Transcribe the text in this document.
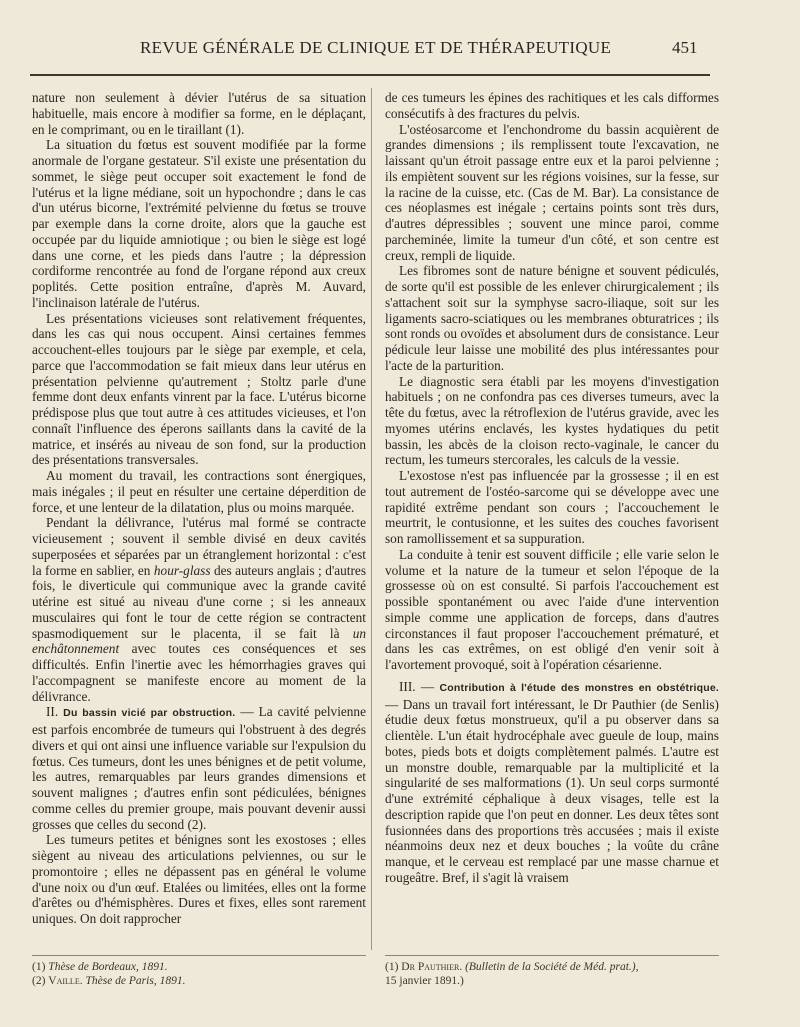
REVUE GÉNÉRALE DE CLINIQUE ET DE THÉRAPEUTIQUE	451

nature non seulement à dévier l'utérus de sa situation habituelle, mais encore à modifier sa forme, en le déplaçant, en le comprimant, ou en le tiraillant (1).

La situation du fœtus est souvent modifiée par la forme anormale de l'organe gestateur. S'il existe une présentation du sommet, le siège peut occuper soit exactement le fond de l'utérus et la ligne médiane, soit un hypochondre ; dans le cas d'un utérus bicorne, l'extrémité pelvienne du fœtus se trouve par exemple dans la corne droite, alors que la gauche est occupée par du liquide amniotique ; ou bien le siège est logé dans une corne, et les pieds dans l'autre ; la dépression cordiforme rencontrée au fond de l'organe répond aux creux poplités. Cette position entraîne, d'après M. Auvard, l'inclinaison latérale de l'utérus.

Les présentations vicieuses sont relativement fréquentes, dans les cas qui nous occupent. Ainsi certaines femmes accouchent-elles toujours par le siège par exemple, et cela, parce que l'accommodation se fait mieux dans leur utérus en présentation pelvienne qu'autrement ; Stoltz parle d'une femme dont deux enfants vinrent par la face. L'utérus bicorne prédispose plus que tout autre à ces attitudes vicieuses, et l'on connaît l'influence des éperons saillants dans la cavité de la matrice, et insérés au niveau de son fond, sur la production des présentations transversales.

Au moment du travail, les contractions sont énergiques, mais inégales ; il peut en résulter une certaine déperdition de force, et une lenteur de la dilatation, plus ou moins marquée.

Pendant la délivrance, l'utérus mal formé se contracte vicieusement ; souvent il semble divisé en deux cavités superposées et séparées par un étranglement horizontal : c'est la forme en sablier, en hour-glass des auteurs anglais ; d'autres fois, le diverticule qui communique avec la grande cavité utérine est situé au niveau d'une corne ; si les anneaux musculaires qui font le tour de cette région se contractent spasmodiquement sur le placenta, il se fait là un enchâtonnement avec toutes ces conséquences et ses difficultés. Enfin l'inertie avec les hémorrhagies graves qui l'accompagnent se manifeste encore au moment de la délivrance.

II. Du bassin vicié par obstruction. — La cavité pelvienne est parfois encombrée de tumeurs qui l'obstruent à des degrés divers et qui ont ainsi une influence variable sur l'expulsion du fœtus. Ces tumeurs, dont les unes bénignes et de petit volume, les autres, remarquables par leurs grandes dimensions et souvent malignes ; d'autres enfin sont pédiculées, bénignes comme celles du premier groupe, mais pouvant devenir aussi grosses que celles du second (2).

Les tumeurs petites et bénignes sont les exostoses ; elles siègent au niveau des articulations pelviennes, ou sur le promontoire ; elles ne dépassent pas en général le volume d'une noix ou d'un œuf. Etalées ou limitées, elles ont la forme d'arêtes ou d'hémisphères. Dures et fixes, elles sont rarement uniques. On doit rapprocher

de ces tumeurs les épines des rachitiques et les cals difformes consécutifs à des fractures du pelvis.

L'ostéosarcome et l'enchondrome du bassin acquièrent de grandes dimensions ; ils remplissent toute l'excavation, ne laissant qu'un étroit passage entre eux et la paroi pelvienne ; ils empiètent souvent sur les régions voisines, sur la fesse, sur la racine de la cuisse, etc. (Cas de M. Bar). La consistance de ces néoplasmes est inégale ; certains points sont très durs, d'autres dépressibles ; souvent une mince paroi, comme parcheminée, limite la tumeur d'un côté, et son centre est creux, rempli de liquide.

Les fibromes sont de nature bénigne et souvent pédiculés, de sorte qu'il est possible de les enlever chirurgicalement ; ils s'attachent soit sur la symphyse sacro-iliaque, soit sur les ligaments sacro-sciatiques ou les membranes obturatrices ; ils sont ronds ou ovoïdes et absolument durs de consistance. Leur pédicule leur laisse une mobilité des plus intéressantes pour l'acte de la parturition.

Le diagnostic sera établi par les moyens d'investigation habituels ; on ne confondra pas ces diverses tumeurs, avec la tête du fœtus, avec la rétroflexion de l'utérus gravide, avec les myomes utérins enclavés, les kystes hydatiques du petit bassin, les abcès de la cloison recto-vaginale, le cancer du rectum, les tumeurs stercorales, les calculs de la vessie.

L'exostose n'est pas influencée par la grossesse ; il en est tout autrement de l'ostéo-sarcome qui se développe avec une rapidité extrême pendant son cours ; l'accouchement le meurtrit, le contusionne, et les suites des couches favorisent son ramollissement et sa suppuration.

La conduite à tenir est souvent difficile ; elle varie selon le volume et la nature de la tumeur et selon l'époque de la grossesse où on est consulté. Si parfois l'accouchement est possible spontanément ou avec l'aide d'une intervention simple comme une application de forceps, dans d'autres circonstances il faut proposer l'accouchement prématuré, et dans les cas extrêmes, on est obligé d'en venir soit à l'avortement provoqué, soit à l'opération césarienne.

III. — Contribution à l'étude des monstres en obstétrique. — Dans un travail fort intéressant, le Dr Pauthier (de Senlis) étudie deux fœtus monstrueux, qu'il a pu observer dans sa clientèle. L'un était hydrocéphale avec gueule de loup, mains botes, pieds bots et doigts complètement palmés. L'autre est un monstre double, remarquable par la multiplicité et la singularité de ses malformations (1). Un seul corps surmonté d'une extrémité céphalique à deux visages, telle est la description rapide que l'on peut en donner. Les deux têtes sont fusionnées dans des proportions très accusées ; mais il existe néanmoins deux nez et deux bouches ; la voûte du crâne manque, et le cerveau est remplacé par une masse charnue et rougeâtre. Bref, il s'agit là vraisem

(1) Thèse de Bordeaux, 1891.

(2) Vaille. Thèse de Paris, 1891.

(1) Dr Pauthier. (Bulletin de la Société de Méd. prat.),

15 janvier 1891.)
